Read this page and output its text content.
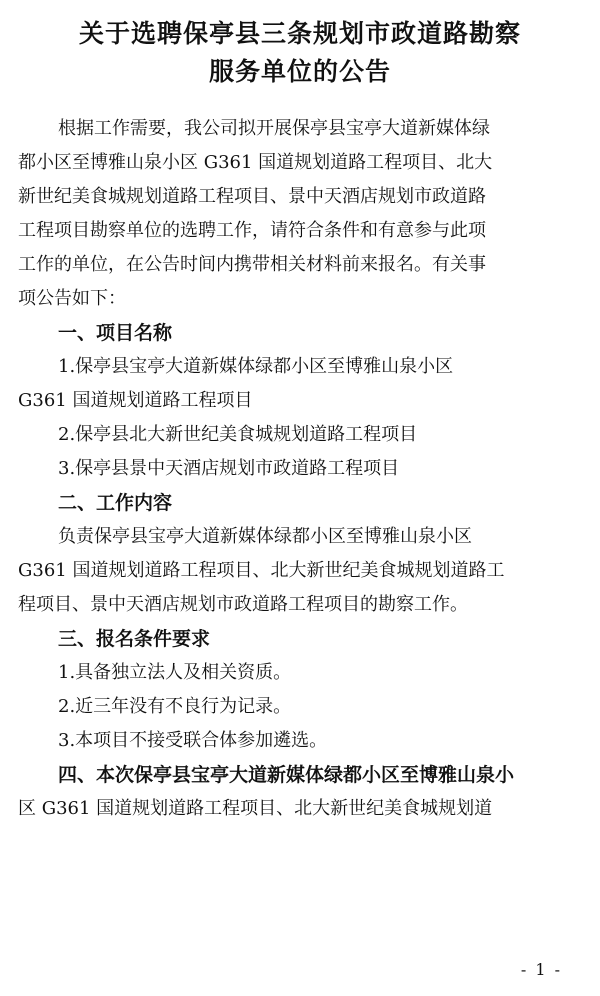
关于选聘保亭县三条规划市政道路勘察
服务单位的公告

根据工作需要，我公司拟开展保亭县宝亭大道新媒体绿

都小区至博雅山泉小区 G361 国道规划道路工程项目、北大

新世纪美食城规划道路工程项目、景中天酒店规划市政道路

工程项目勘察单位的选聘工作，请符合条件和有意参与此项

工作的单位，在公告时间内携带相关材料前来报名。有关事

项公告如下：

一、项目名称

1.保亭县宝亭大道新媒体绿都小区至博雅山泉小区

G361 国道规划道路工程项目

2.保亭县北大新世纪美食城规划道路工程项目

3.保亭县景中天酒店规划市政道路工程项目

二、工作内容

负责保亭县宝亭大道新媒体绿都小区至博雅山泉小区

G361 国道规划道路工程项目、北大新世纪美食城规划道路工

程项目、景中天酒店规划市政道路工程项目的勘察工作。

三、报名条件要求

1.具备独立法人及相关资质。

2.近三年没有不良行为记录。

3.本项目不接受联合体参加遴选。

四、本次保亭县宝亭大道新媒体绿都小区至博雅山泉小

区 G361 国道规划道路工程项目、北大新世纪美食城规划道

- 1 -
